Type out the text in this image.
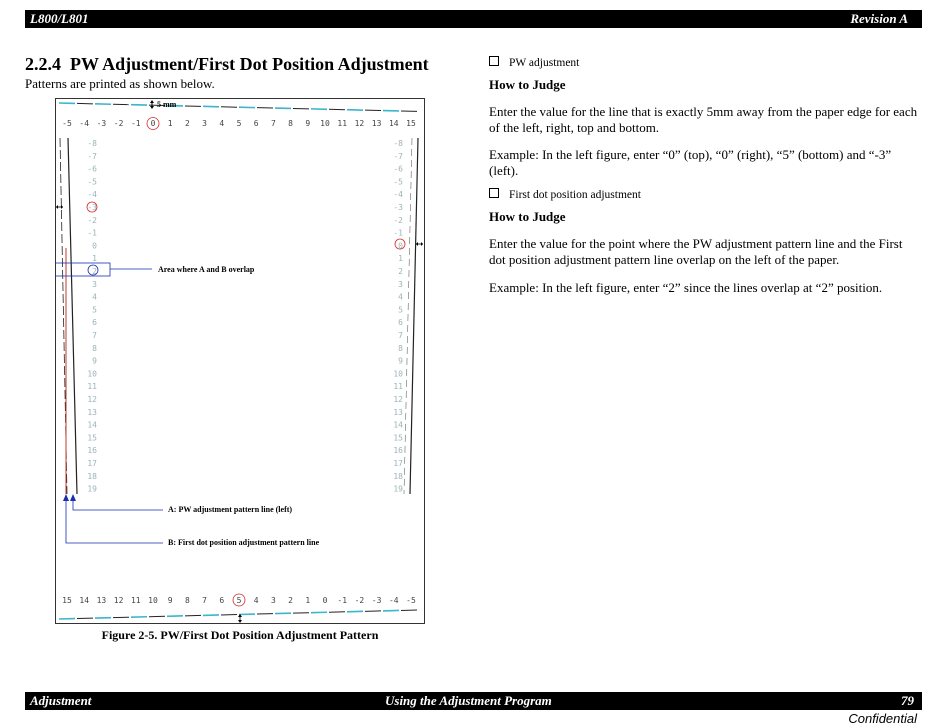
L800/L801	Revision A
2.2.4 PW Adjustment/First Dot Position Adjustment

Patterns are printed as shown below.

5 mm
-5 -4 -3 -2 -1 0 1 2 3 4 5 6 7 8 9 10 11 12 13 14 15
-8
-7
-6
-5
-4
-3
-2
-1
0
1
2
3
4
5
6
7
8
9
10
11
12
13
14
15
16
17
18
19
-8
-7
-6
-5
-4
-3
-2
-1
0
1
2
3
4
5
6
7
8
9
10
11
12
13
14
15
16
17
18
19
Area where A and B overlap
A: PW adjustment pattern line (left)
B: First dot position adjustment pattern line
15 14 13 12 11 10 9 8 7 6 5 4 3 2 1 0 -1 -2 -3 -4 -5

Figure 2-5. PW/First Dot Position Adjustment Pattern

PW adjustment

How to Judge
Enter the value for the line that is exactly 5mm away from the paper edge for each of the left, right, top and bottom.
Example: In the left figure, enter “0” (top), “0” (right), “5” (bottom) and “-3” (left).

First dot position adjustment

How to Judge
Enter the value for the point where the PW adjustment pattern line and the First dot position adjustment pattern line overlap on the left of the paper.
Example: In the left figure, enter “2” since the lines overlap at “2” position.
Adjustment	Using the Adjustment Program	79
Confidential
